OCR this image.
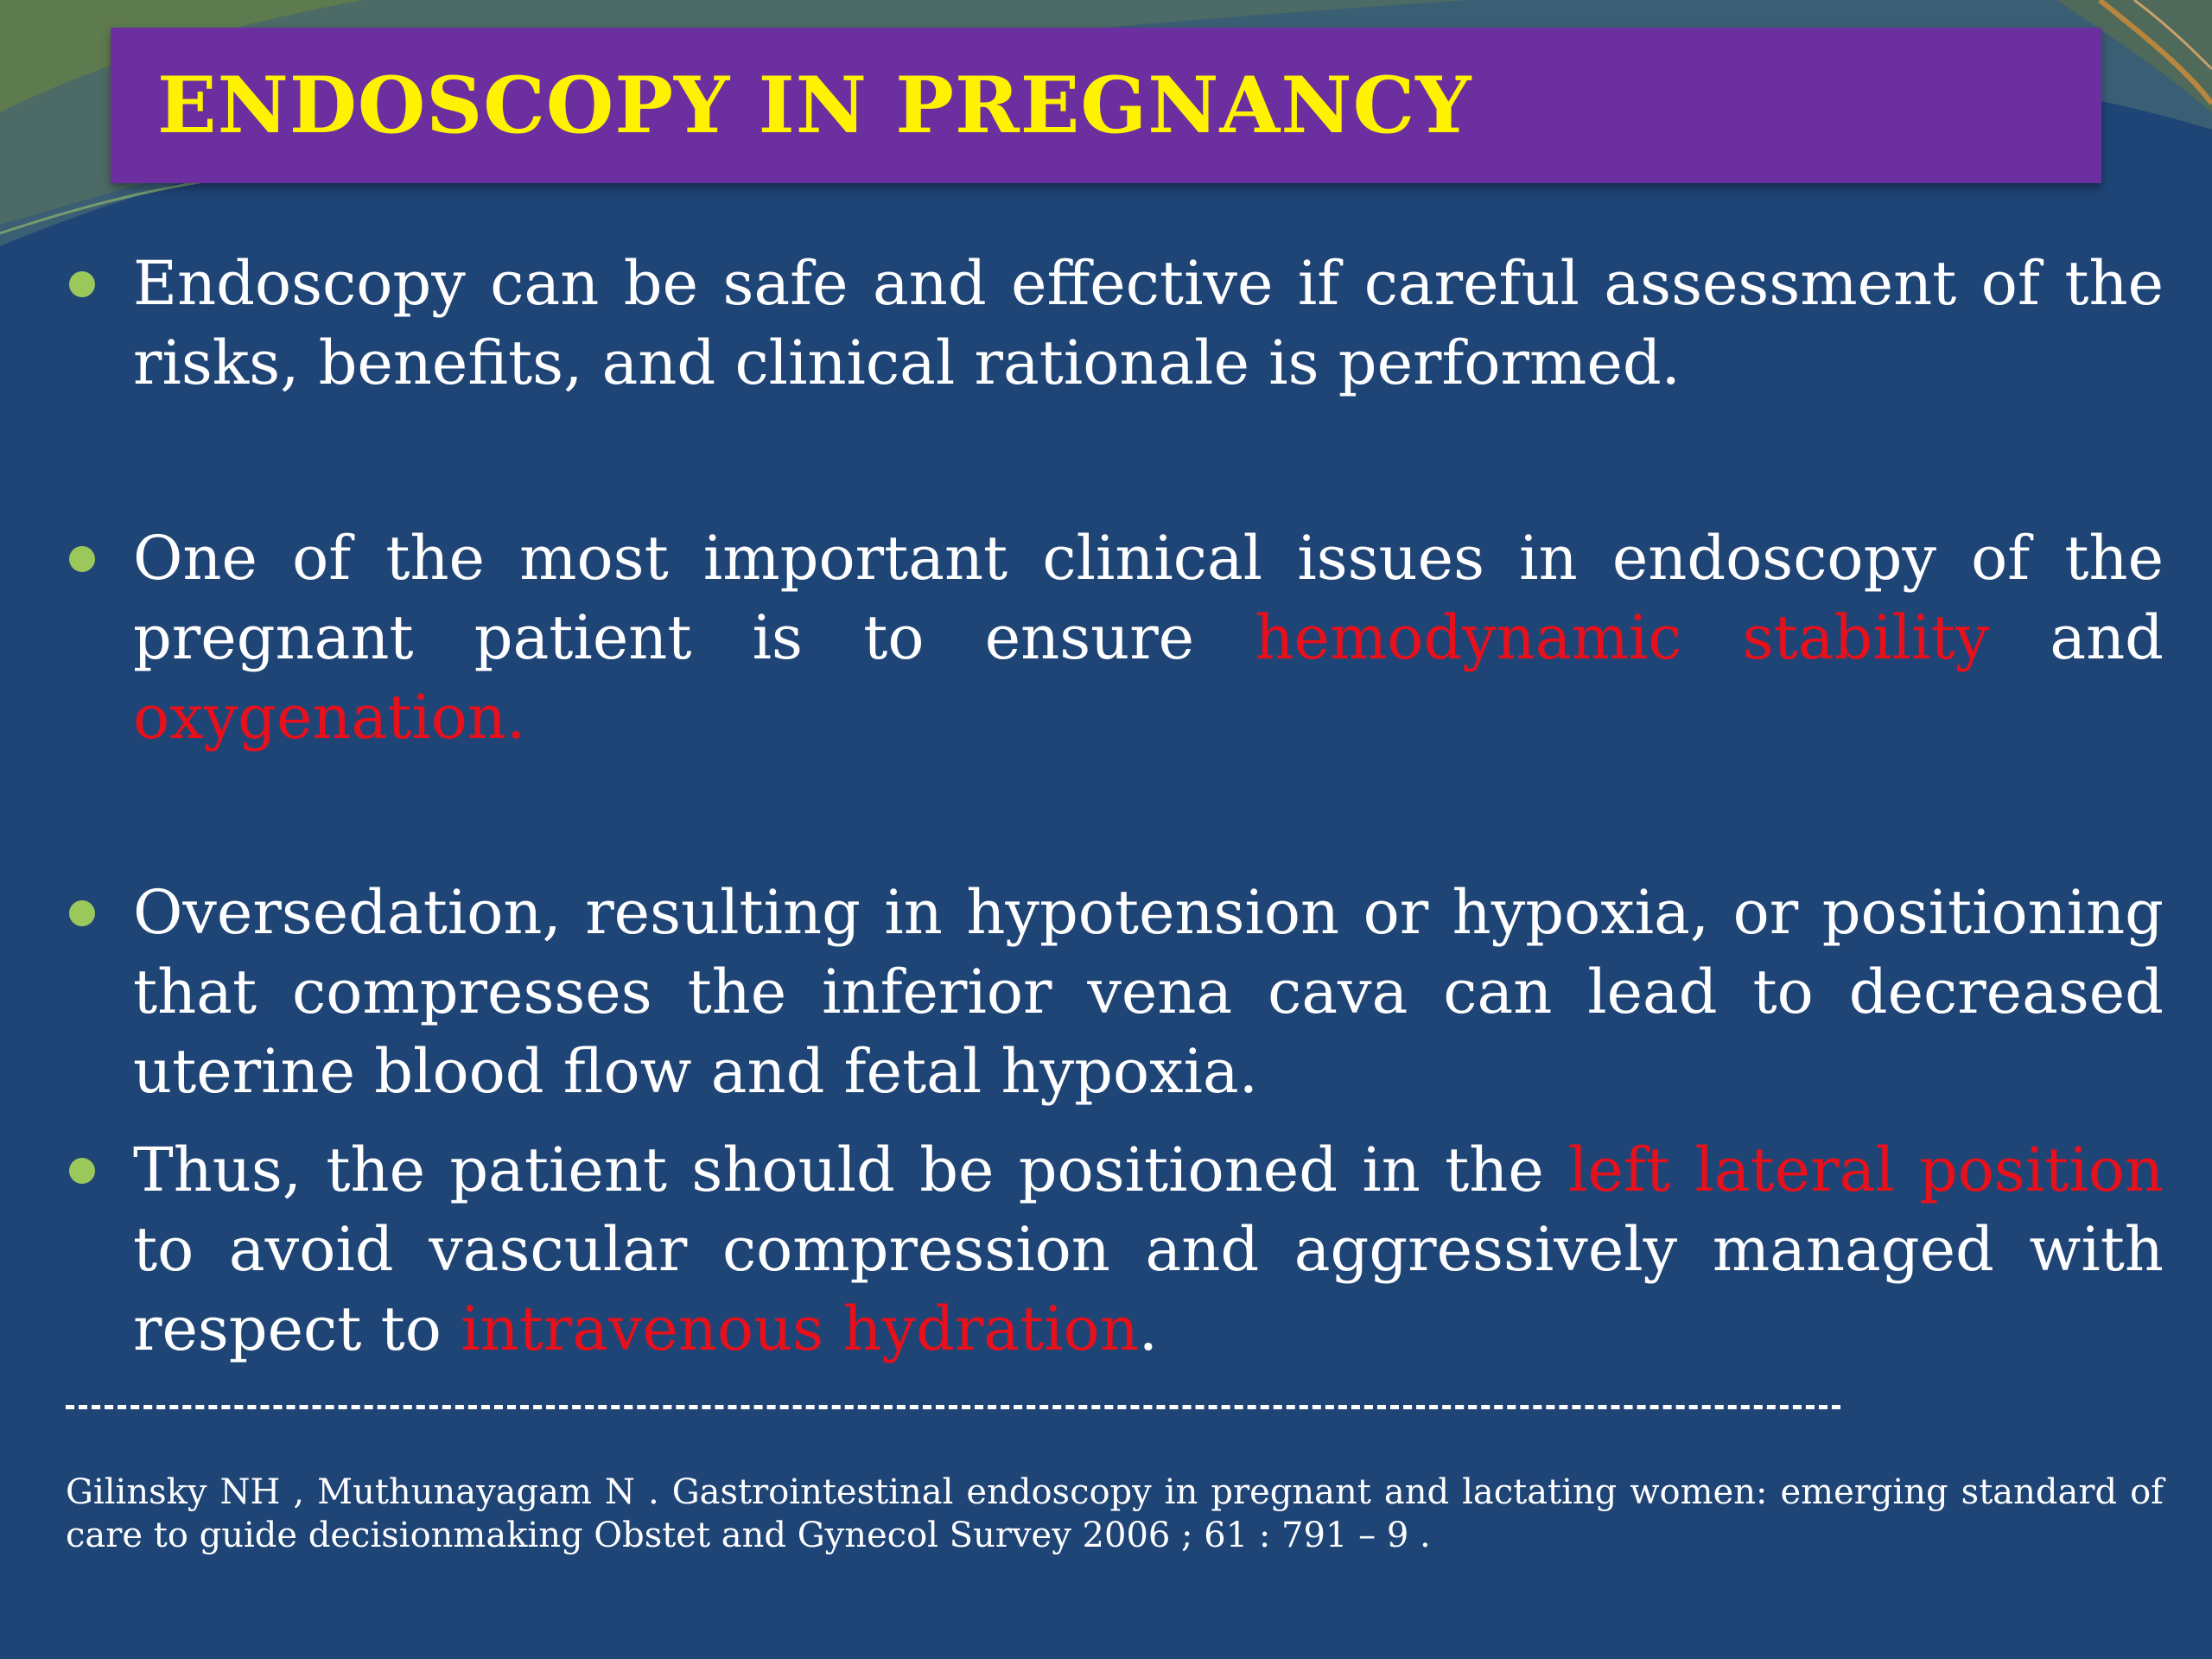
ENDOSCOPY IN PREGNANCY
Endoscopy can be safe and effective if careful assessment of the risks, benefits, and clinical rationale is performed.
One of the most important clinical issues in endoscopy of the pregnant patient is to ensure hemodynamic stability and oxygenation.
Oversedation, resulting in hypotension or hypoxia, or positioning that compresses the inferior vena cava can lead to decreased uterine blood flow and fetal hypoxia.
Thus, the patient should be positioned in the left lateral position to avoid vascular compression and aggressively managed with respect to intravenous hydration.
Gilinsky NH , Muthunayagam N . Gastrointestinal endoscopy in pregnant and lactating women: emerging standard of care to guide decisionmaking Obstet and Gynecol Survey 2006 ; 61 : 791 – 9 .
